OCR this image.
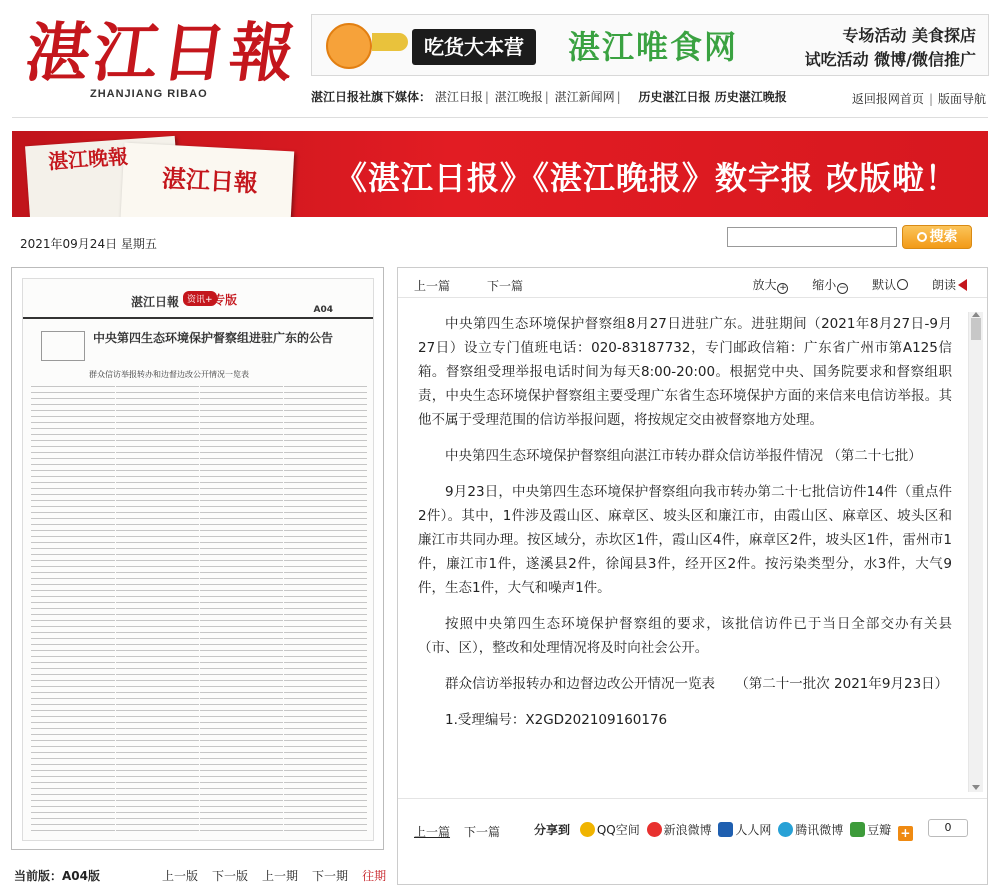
湛江日報
ZHANJIANG RIBAO
吃货大本营	湛江唯食网	专场活动 美食探店
试吃活动 微博/微信推广
湛江日报社旗下媒体： 湛江日报 | 湛江晚报 | 湛江新闻网 | 历史湛江日报 历史湛江晚报	返回报网首页 | 版面导航
湛江晚報
湛江日報 《湛江日报》《湛江晚报》数字报 改版啦！
2021年09月24日 星期五	搜索
湛江日報 资讯+ 专版
A04
中央第四生态环境保护督察组进驻广东的公告
群众信访举报转办和边督边改公开情况一览表
当前版：A04版	上一版 下一版 上一期 下一期 往期
上一篇	下一篇	放大 + 缩小 − 默认	朗读

中央第四生态环境保护督察组8月27日进驻广东。进驻期间（2021年8月27日-9月27日）设立专门值班电话：020-83187732，专门邮政信箱：广东省广州市第A125信箱。督察组受理举报电话时间为每天8:00-20:00。根据党中央、国务院要求和督察组职责，中央生态环境保护督察组主要受理广东省生态环境保护方面的来信来电信访举报。其他不属于受理范围的信访举报问题，将按规定交由被督察地方处理。

中央第四生态环境保护督察组向湛江市转办群众信访举报件情况 （第二十七批）

9月23日，中央第四生态环境保护督察组向我市转办第二十七批信访件14件（重点件2件）。其中，1件涉及霞山区、麻章区、坡头区和廉江市，由霞山区、麻章区、坡头区和廉江市共同办理。按区域分，赤坎区1件，霞山区4件，麻章区2件，坡头区1件，雷州市1件，廉江市1件，遂溪县2件，徐闻县3件，经开区2件。按污染类型分，水3件，大气9件，生态1件，大气和噪声1件。

按照中央第四生态环境保护督察组的要求，该批信访件已于当日全部交办有关县（市、区），整改和处理情况将及时向社会公开。

群众信访举报转办和边督边改公开情况一览表　　（第二十一批次 2021年9月23日）

1.受理编号：X2GD202109160176

上一篇 下一篇	分享到 QQ空间 新浪微博 人人网 腾讯微博 豆瓣 +	0
